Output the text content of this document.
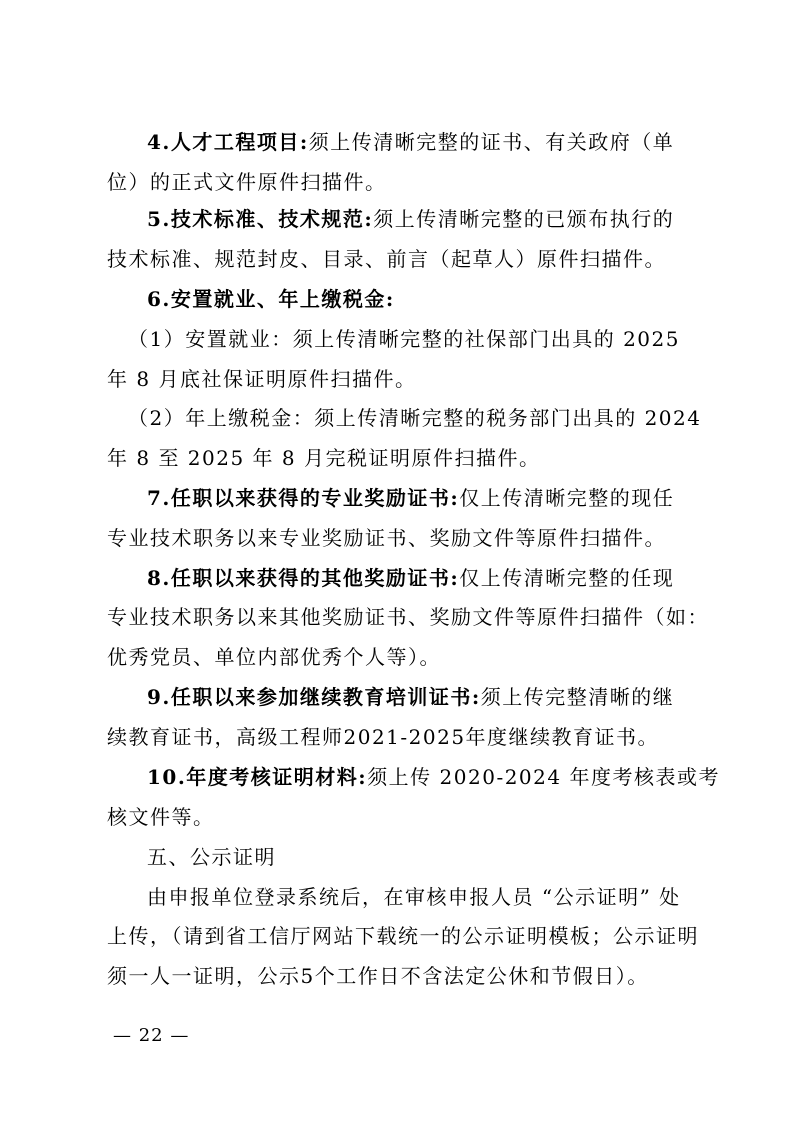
4.人才工程项目:须上传清晰完整的证书、有关政府（单
位）的正式文件原件扫描件。
5.技术标准、技术规范:须上传清晰完整的已颁布执行的
技术标准、规范封皮、目录、前言（起草人）原件扫描件。
6.安置就业、年上缴税金:
（1）安置就业：须上传清晰完整的社保部门出具的 2025
年 8 月底社保证明原件扫描件。
（2）年上缴税金：须上传清晰完整的税务部门出具的 2024
年 8 至 2025 年 8 月完税证明原件扫描件。
7.任职以来获得的专业奖励证书:仅上传清晰完整的现任
专业技术职务以来专业奖励证书、奖励文件等原件扫描件。
8.任职以来获得的其他奖励证书:仅上传清晰完整的任现
专业技术职务以来其他奖励证书、奖励文件等原件扫描件（如：
优秀党员、单位内部优秀个人等）。
9.任职以来参加继续教育培训证书:须上传完整清晰的继
续教育证书，高级工程师2021-2025年度继续教育证书。
10.年度考核证明材料:须上传 2020-2024 年度考核表或考
核文件等。
五、公示证明
由申报单位登录系统后，在审核申报人员 “公示证明” 处
上传，（请到省工信厅网站下载统一的公示证明模板；公示证明
须一人一证明，公示5个工作日不含法定公休和节假日）。
— 22 —
